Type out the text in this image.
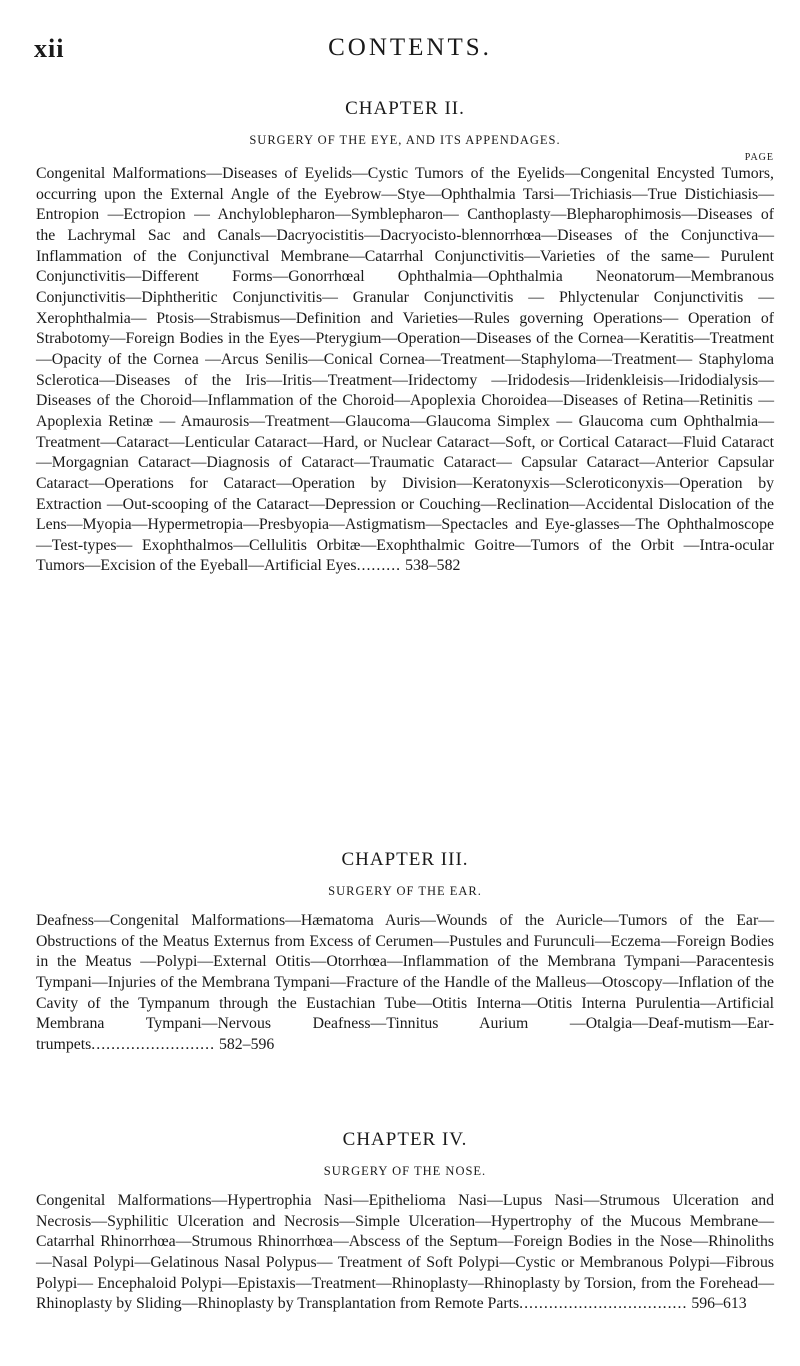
xii	CONTENTS.
CHAPTER II.
SURGERY OF THE EYE, AND ITS APPENDAGES.
PAGE

Congenital Malformations—Diseases of Eyelids—Cystic Tumors of the Eyelids—Congenital Encysted Tumors, occurring upon the External Angle of the Eyebrow—Stye—Ophthalmia Tarsi—Trichiasis—True Distichiasis—Entropion —Ectropion — Anchyloblepharon—Symblepharon— Canthoplasty—Blepharophimosis—Diseases of the Lachrymal Sac and Canals—Dacryocistitis—Dacryocisto-blennorrhœa—Diseases of the Conjunctiva—Inflammation of the Conjunctival Membrane—Catarrhal Conjunctivitis—Varieties of the same— Purulent Conjunctivitis—Different Forms—Gonorrhœal Ophthalmia—Ophthalmia Neonatorum—Membranous Conjunctivitis—Diphtheritic Conjunctivitis— Granular Conjunctivitis — Phlyctenular Conjunctivitis — Xerophthalmia— Ptosis—Strabismus—Definition and Varieties—Rules governing Operations— Operation of Strabotomy—Foreign Bodies in the Eyes—Pterygium—Operation—Diseases of the Cornea—Keratitis—Treatment—Opacity of the Cornea —Arcus Senilis—Conical Cornea—Treatment—Staphyloma—Treatment— Staphyloma Sclerotica—Diseases of the Iris—Iritis—Treatment—Iridectomy —Iridodesis—Iridenkleisis—Iridodialysis—Diseases of the Choroid—Inflammation of the Choroid—Apoplexia Choroidea—Diseases of Retina—Retinitis — Apoplexia Retinæ — Amaurosis—Treatment—Glaucoma—Glaucoma Simplex — Glaucoma cum Ophthalmia—Treatment—Cataract—Lenticular Cataract—Hard, or Nuclear Cataract—Soft, or Cortical Cataract—Fluid Cataract—Morgagnian Cataract—Diagnosis of Cataract—Traumatic Cataract— Capsular Cataract—Anterior Capsular Cataract—Operations for Cataract—Operation by Division—Keratonyxis—Scleroticonyxis—Operation by Extraction —Out-scooping of the Cataract—Depression or Couching—Reclination—Accidental Dislocation of the Lens—Myopia—Hypermetropia—Presbyopia—Astigmatism—Spectacles and Eye-glasses—The Ophthalmoscope—Test-types— Exophthalmos—Cellulitis Orbitæ—Exophthalmic Goitre—Tumors of the Orbit —Intra-ocular Tumors—Excision of the Eyeball—Artificial Eyes......... 538–582

CHAPTER III.
SURGERY OF THE EAR.

Deafness—Congenital Malformations—Hæmatoma Auris—Wounds of the Auricle—Tumors of the Ear—Obstructions of the Meatus Externus from Excess of Cerumen—Pustules and Furunculi—Eczema—Foreign Bodies in the Meatus —Polypi—External Otitis—Otorrhœa—Inflammation of the Membrana Tympani—Paracentesis Tympani—Injuries of the Membrana Tympani—Fracture of the Handle of the Malleus—Otoscopy—Inflation of the Cavity of the Tympanum through the Eustachian Tube—Otitis Interna—Otitis Interna Purulentia—Artificial Membrana Tympani—Nervous Deafness—Tinnitus Aurium —Otalgia—Deaf-mutism—Ear-trumpets......................... 582–596

CHAPTER IV.
SURGERY OF THE NOSE.

Congenital Malformations—Hypertrophia Nasi—Epithelioma Nasi—Lupus Nasi—Strumous Ulceration and Necrosis—Syphilitic Ulceration and Necrosis—Simple Ulceration—Hypertrophy of the Mucous Membrane—Catarrhal Rhinorrhœa—Strumous Rhinorrhœa—Abscess of the Septum—Foreign Bodies in the Nose—Rhinoliths—Nasal Polypi—Gelatinous Nasal Polypus— Treatment of Soft Polypi—Cystic or Membranous Polypi—Fibrous Polypi— Encephaloid Polypi—Epistaxis—Treatment—Rhinoplasty—Rhinoplasty by Torsion, from the Forehead—Rhinoplasty by Sliding—Rhinoplasty by Transplantation from Remote Parts.................................. 596–613
